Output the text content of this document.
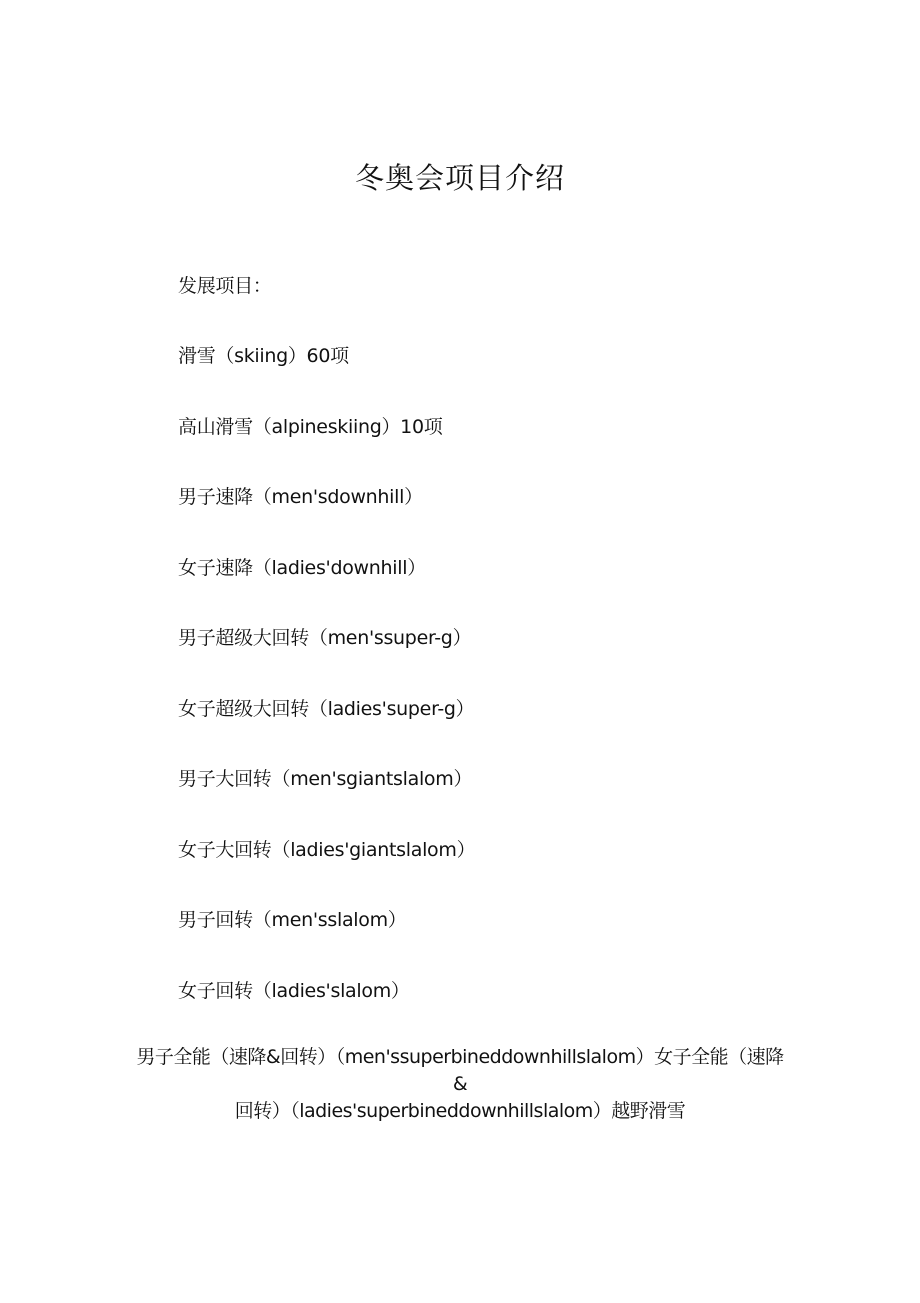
冬奥会项目介绍
发展项目：
滑雪（skiing）60项
高山滑雪（alpineskiing）10项
男子速降（men'sdownhill）
女子速降（ladies'downhill）
男子超级大回转（men'ssuper-g）
女子超级大回转（ladies'super-g）
男子大回转（men'sgiantslalom）
女子大回转（ladies'giantslalom）
男子回转（men'sslalom）
女子回转（ladies'slalom）
男子全能（速降&回转）（men'ssuperbineddownhillslalom）女子全能（速降&
回转）（ladies'superbineddownhillslalom）越野滑雪
